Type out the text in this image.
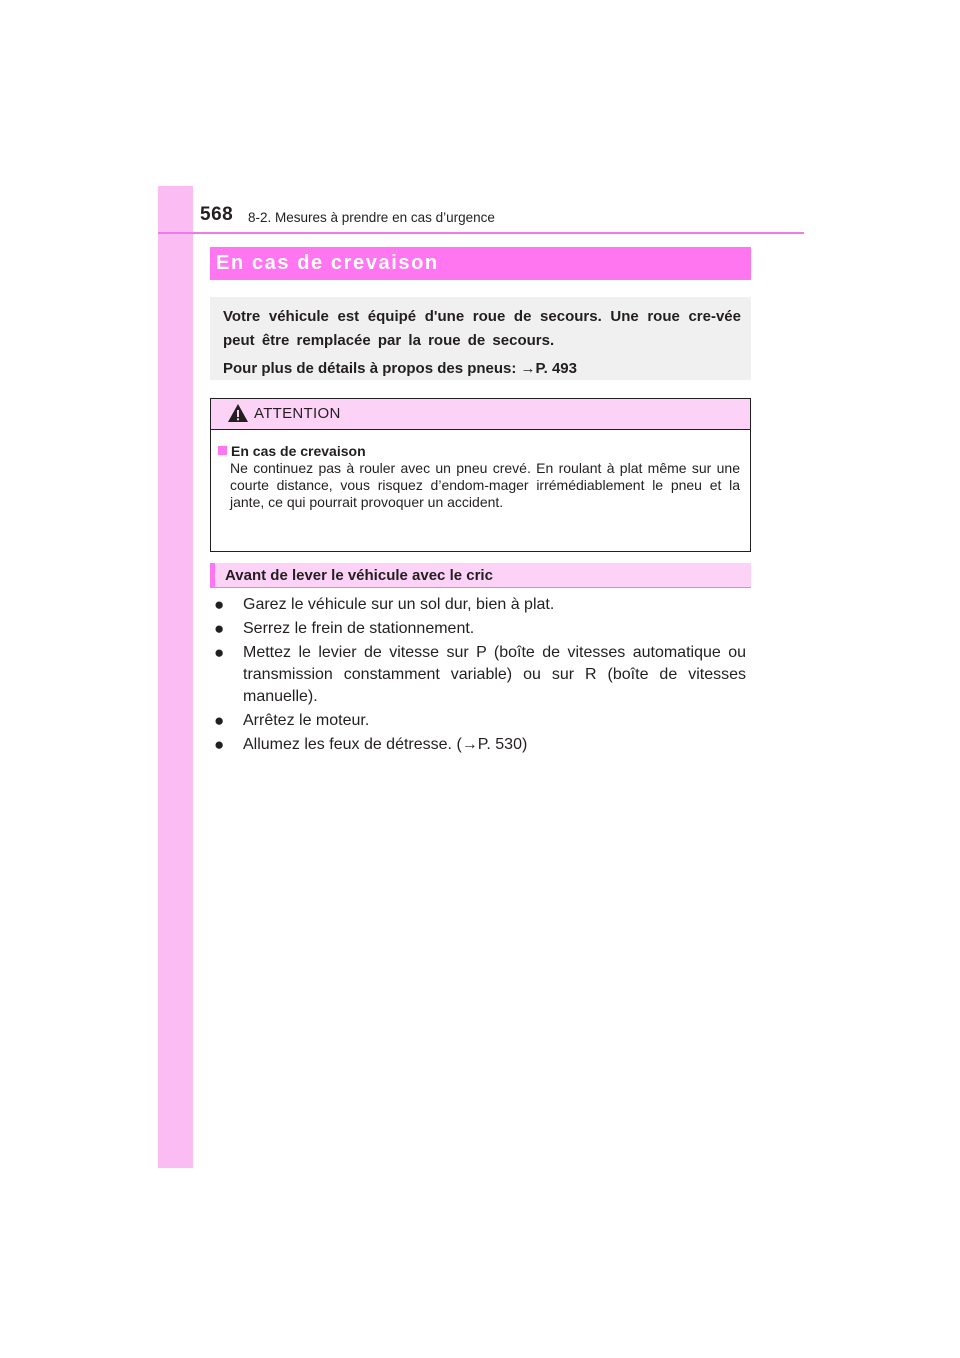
568 8-2. Mesures à prendre en cas d’urgence
En cas de crevaison
Votre véhicule est équipé d'une roue de secours. Une roue cre-vée peut être remplacée par la roue de secours.
Pour plus de détails à propos des pneus: →P. 493
ATTENTION
En cas de crevaison
Ne continuez pas à rouler avec un pneu crevé. En roulant à plat même sur une courte distance, vous risquez d’endom-mager irrémédiablement le pneu et la jante, ce qui pourrait provoquer un accident.
Avant de lever le véhicule avec le cric
● Garez le véhicule sur un sol dur, bien à plat.
● Serrez le frein de stationnement.
● Mettez le levier de vitesse sur P (boîte de vitesses automatique ou transmission constamment variable) ou sur R (boîte de vitesses manuelle).
● Arrêtez le moteur.
● Allumez les feux de détresse. (→P. 530)
